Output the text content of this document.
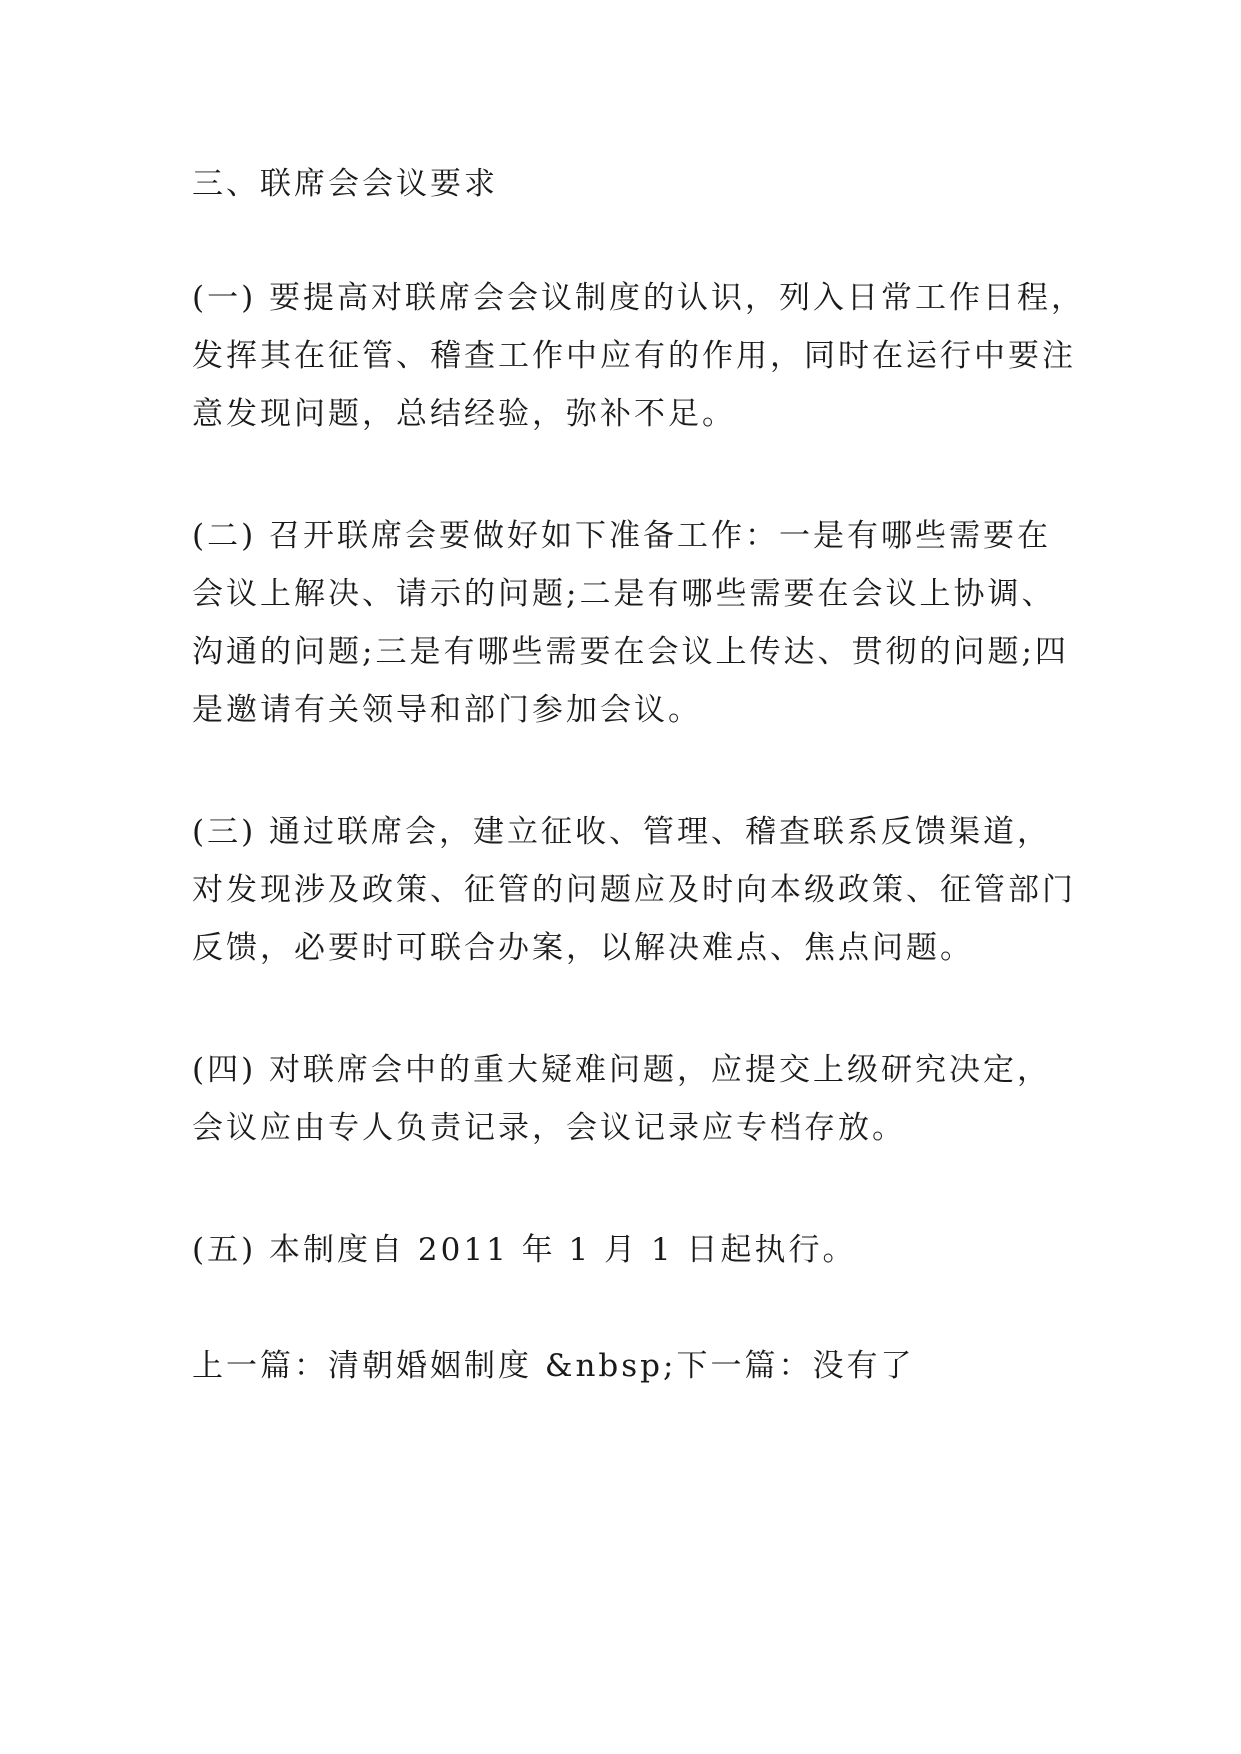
三、联席会会议要求

(一) 要提高对联席会会议制度的认识，列入日常工作日程，
发挥其在征管、稽查工作中应有的作用，同时在运行中要注
意发现问题，总结经验，弥补不足。

(二) 召开联席会要做好如下准备工作：一是有哪些需要在
会议上解决、请示的问题;二是有哪些需要在会议上协调、
沟通的问题;三是有哪些需要在会议上传达、贯彻的问题;四
是邀请有关领导和部门参加会议。

(三) 通过联席会，建立征收、管理、稽查联系反馈渠道，
对发现涉及政策、征管的问题应及时向本级政策、征管部门
反馈，必要时可联合办案，以解决难点、焦点问题。

(四) 对联席会中的重大疑难问题，应提交上级研究决定，
会议应由专人负责记录，会议记录应专档存放。

(五) 本制度自 2011 年 1 月 1 日起执行。

上一篇：清朝婚姻制度 &nbsp;下一篇：没有了
